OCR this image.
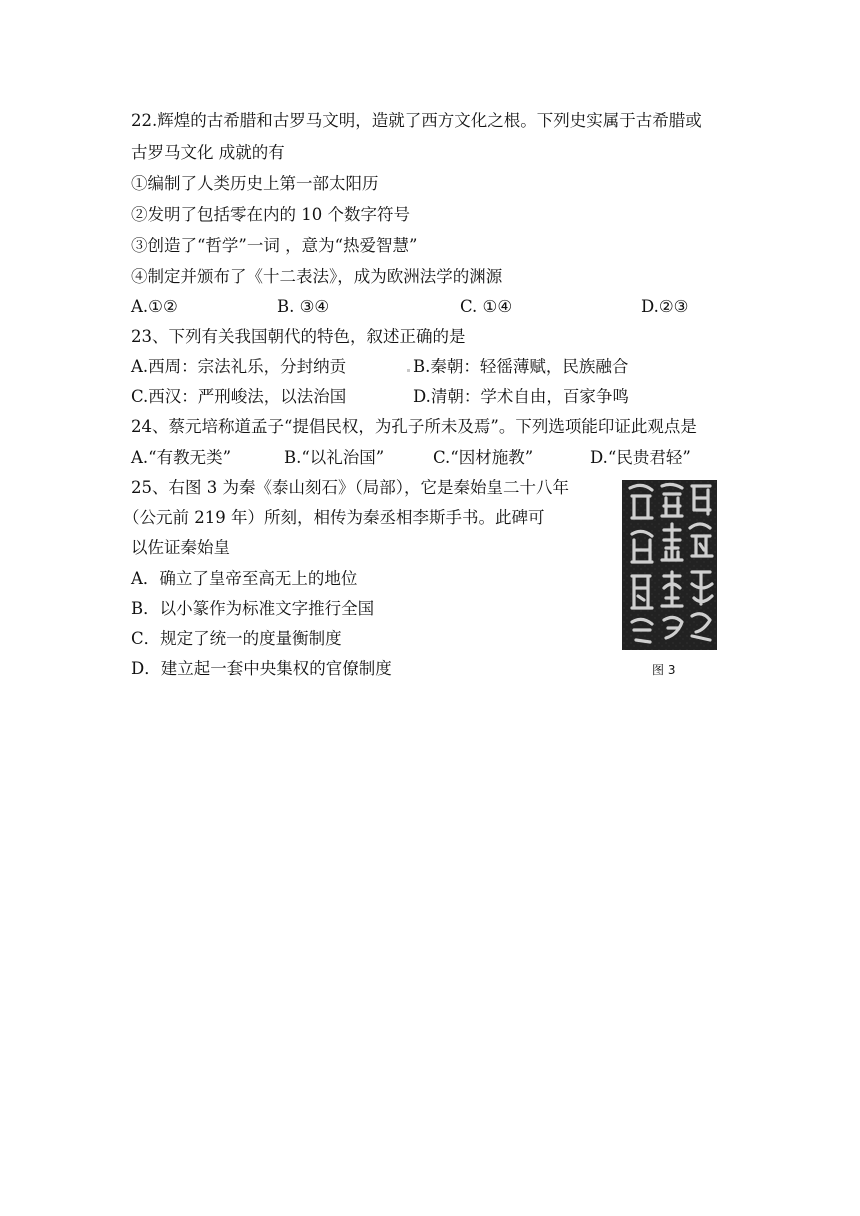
22.辉煌的古希腊和古罗马文明，造就了西方文化之根。下列史实属于古希腊或
古罗马文化 成就的有
①编制了人类历史上第一部太阳历
②发明了包括零在内的 10 个数字符号
③创造了“哲学”一词 ，意为“热爱智慧”
④制定并颁布了《十二表法》，成为欧洲法学的渊源
A.①②	B. ③④	C. ①④	D.②③
23、下列有关我国朝代的特色，叙述正确的是
A.西周：宗法礼乐，分封纳贡	B.秦朝：轻徭薄赋，民族融合
C.西汉：严刑峻法，以法治国	D.清朝：学术自由，百家争鸣
24、蔡元培称道孟子“提倡民权，为孔子所未及焉”。下列选项能印证此观点是
A.“有教无类”	B.“以礼治国”	C.“因材施教”	D.“民贵君轻”
25、右图 3 为秦《泰山刻石》（局部），它是秦始皇二十八年
（公元前 219 年）所刻，相传为秦丞相李斯手书。此碑可
以佐证秦始皇
A．确立了皇帝至高无上的地位
B．以小篆作为标准文字推行全国
C．规定了统一的度量衡制度
D．建立起一套中央集权的官僚制度	图 3
